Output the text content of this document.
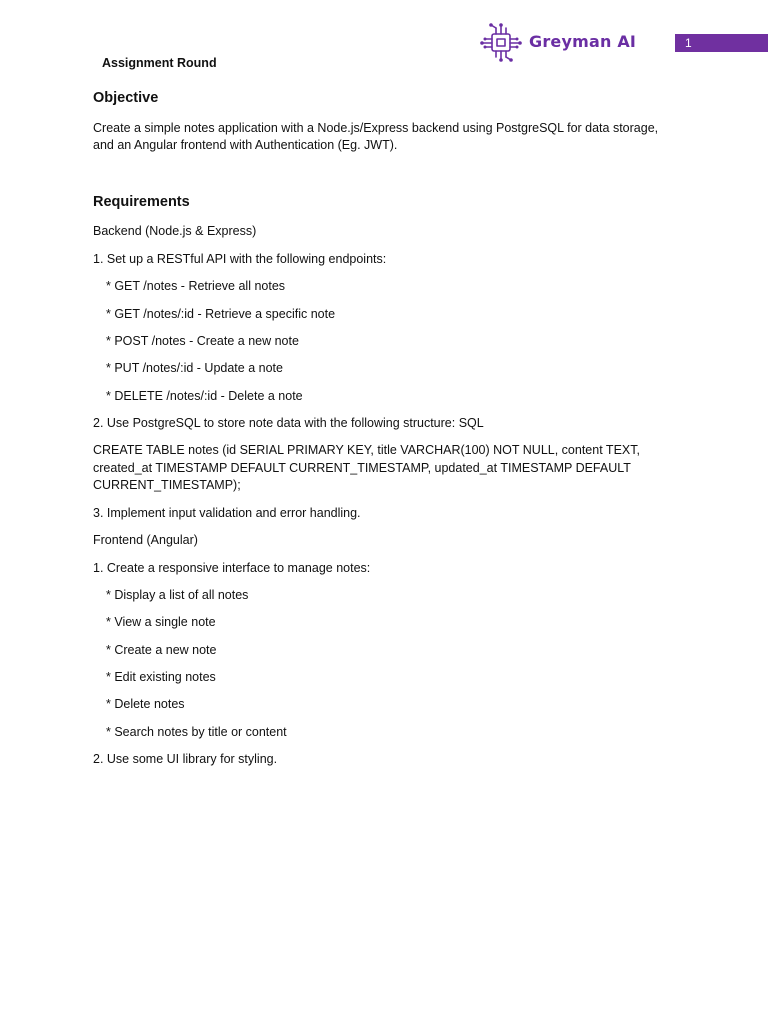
Greyman AI	1
Assignment Round
Objective
Create a simple notes application with a Node.js/Express backend using PostgreSQL for data storage,
and an Angular frontend with Authentication (Eg. JWT).
Requirements
Backend (Node.js & Express)
1. Set up a RESTful API with the following endpoints:
* GET /notes - Retrieve all notes
* GET /notes/:id - Retrieve a specific note
* POST /notes - Create a new note
* PUT /notes/:id - Update a note
* DELETE /notes/:id - Delete a note
2. Use PostgreSQL to store note data with the following structure: SQL
CREATE TABLE notes (id SERIAL PRIMARY KEY, title VARCHAR(100) NOT NULL, content TEXT,
created_at TIMESTAMP DEFAULT CURRENT_TIMESTAMP, updated_at TIMESTAMP DEFAULT
CURRENT_TIMESTAMP);
3. Implement input validation and error handling.
Frontend (Angular)
1. Create a responsive interface to manage notes:
* Display a list of all notes
* View a single note
* Create a new note
* Edit existing notes
* Delete notes
* Search notes by title or content
2. Use some UI library for styling.
